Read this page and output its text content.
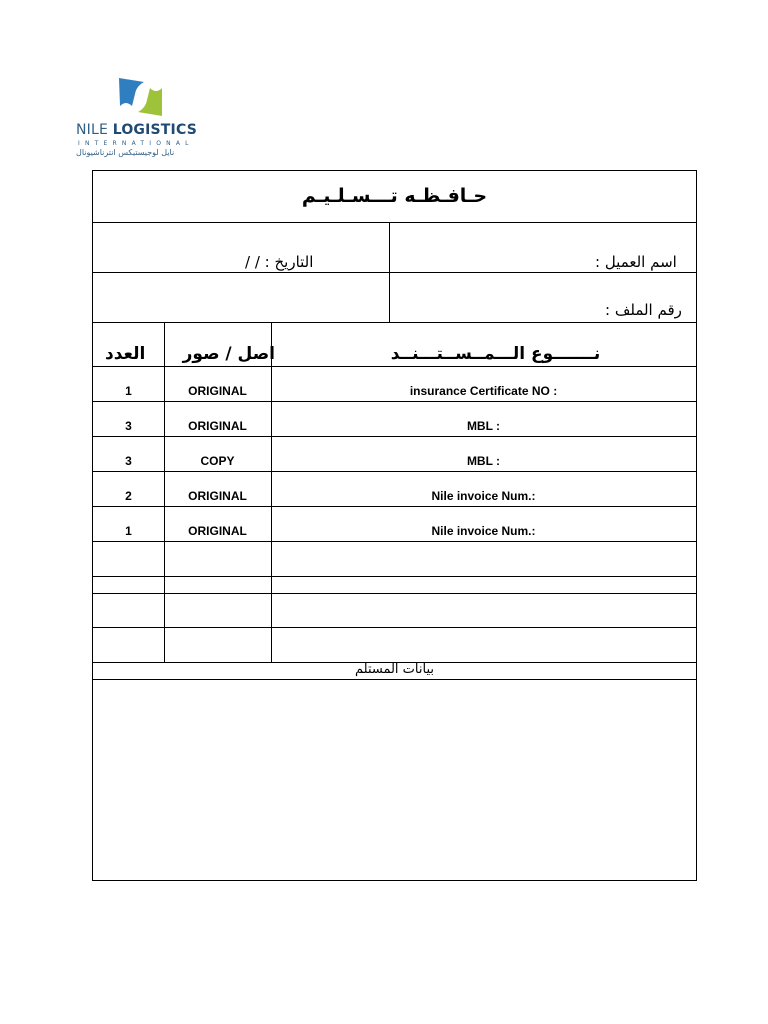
NILE LOGISTICS
INTERNATIONAL
نايل لوجيستيكس انترناشيونال
حـافـظـه تـــسـلـيـم
التاريخ : / /	اسم العميل :
رقم الملف :
العدد	اصل / صور	نـــــــوع الـــمــســتـــنــد
1	ORIGINAL	insurance Certificate NO :
3	ORIGINAL	MBL :
3	COPY	MBL :
2	ORIGINAL	Nile invoice Num.:
1	ORIGINAL	Nile invoice Num.:
بيانات المستلم
